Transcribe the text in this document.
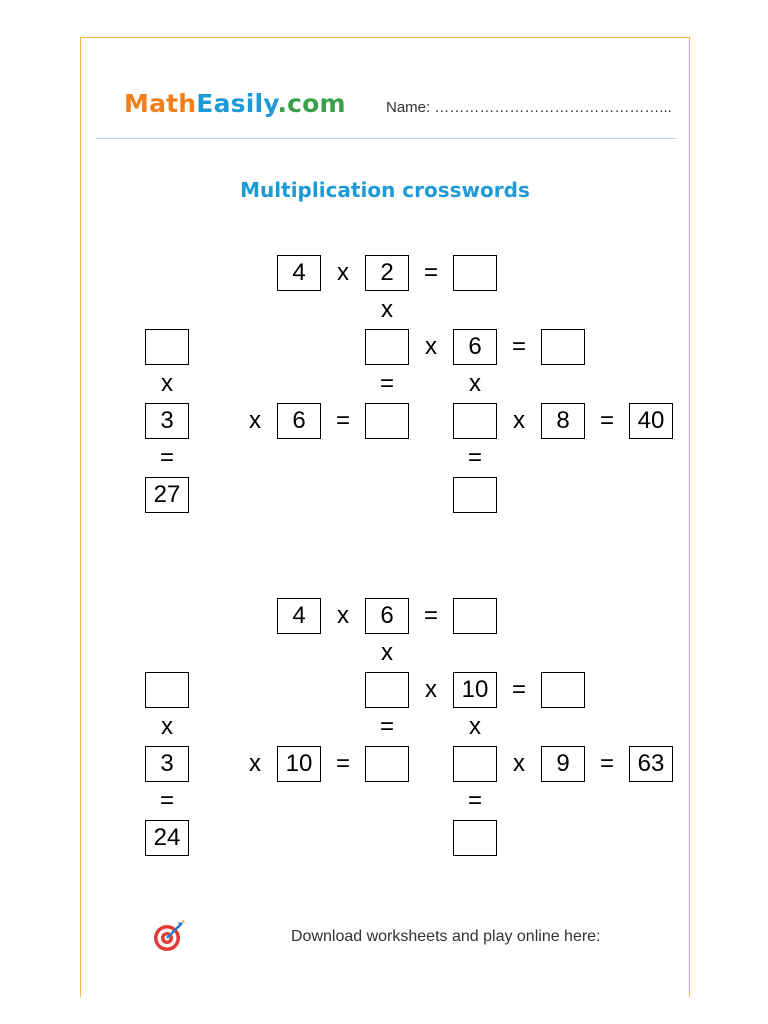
MathEasily.com	Name: ………………………………………...
Multiplication crosswords
4	x	2	=
x
x	6	=
x	=	x
3	x	6	=	x	8	= 40
=	=
27
4	x	6	=
x
x	10 =
x	=	x
3	x	10 =	x	9	= 63
=	=
24
Download worksheets and play online here:
